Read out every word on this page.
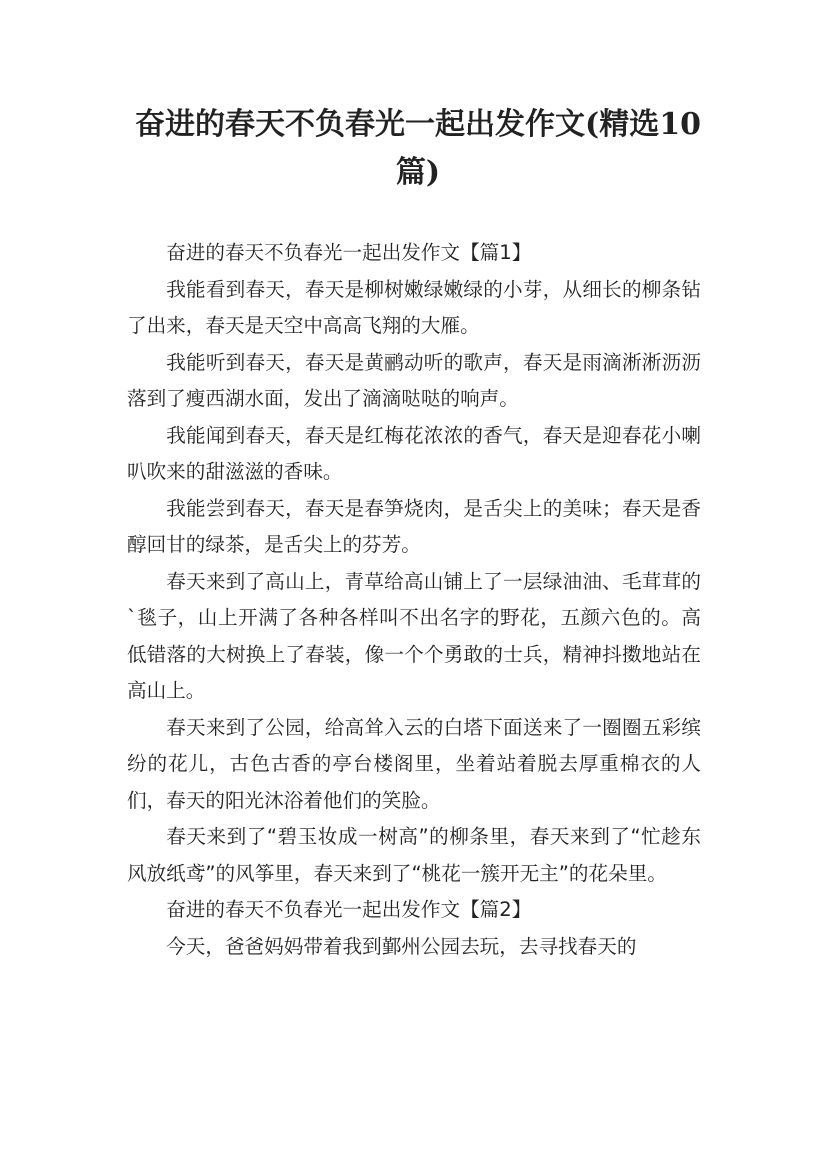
奋进的春天不负春光一起出发作文(精选10篇)

奋进的春天不负春光一起出发作文【篇1】

我能看到春天，春天是柳树嫩绿嫩绿的小芽，从细长的柳条钻了出来，春天是天空中高高飞翔的大雁。

我能听到春天，春天是黄鹂动听的歌声，春天是雨滴淅淅沥沥落到了瘦西湖水面，发出了滴滴哒哒的响声。

我能闻到春天，春天是红梅花浓浓的香气，春天是迎春花小喇叭吹来的甜滋滋的香味。

我能尝到春天，春天是春笋烧肉，是舌尖上的美味；春天是香醇回甘的绿茶，是舌尖上的芬芳。

春天来到了高山上，青草给高山铺上了一层绿油油、毛茸茸的`毯子，山上开满了各种各样叫不出名字的野花，五颜六色的。高低错落的大树换上了春装，像一个个勇敢的士兵，精神抖擞地站在高山上。

春天来到了公园，给高耸入云的白塔下面送来了一圈圈五彩缤纷的花儿，古色古香的亭台楼阁里，坐着站着脱去厚重棉衣的人们，春天的阳光沐浴着他们的笑脸。

春天来到了“碧玉妆成一树高”的柳条里，春天来到了“忙趁东风放纸鸢”的风筝里，春天来到了“桃花一簇开无主”的花朵里。

奋进的春天不负春光一起出发作文【篇2】

今天，爸爸妈妈带着我到鄞州公园去玩，去寻找春天的
